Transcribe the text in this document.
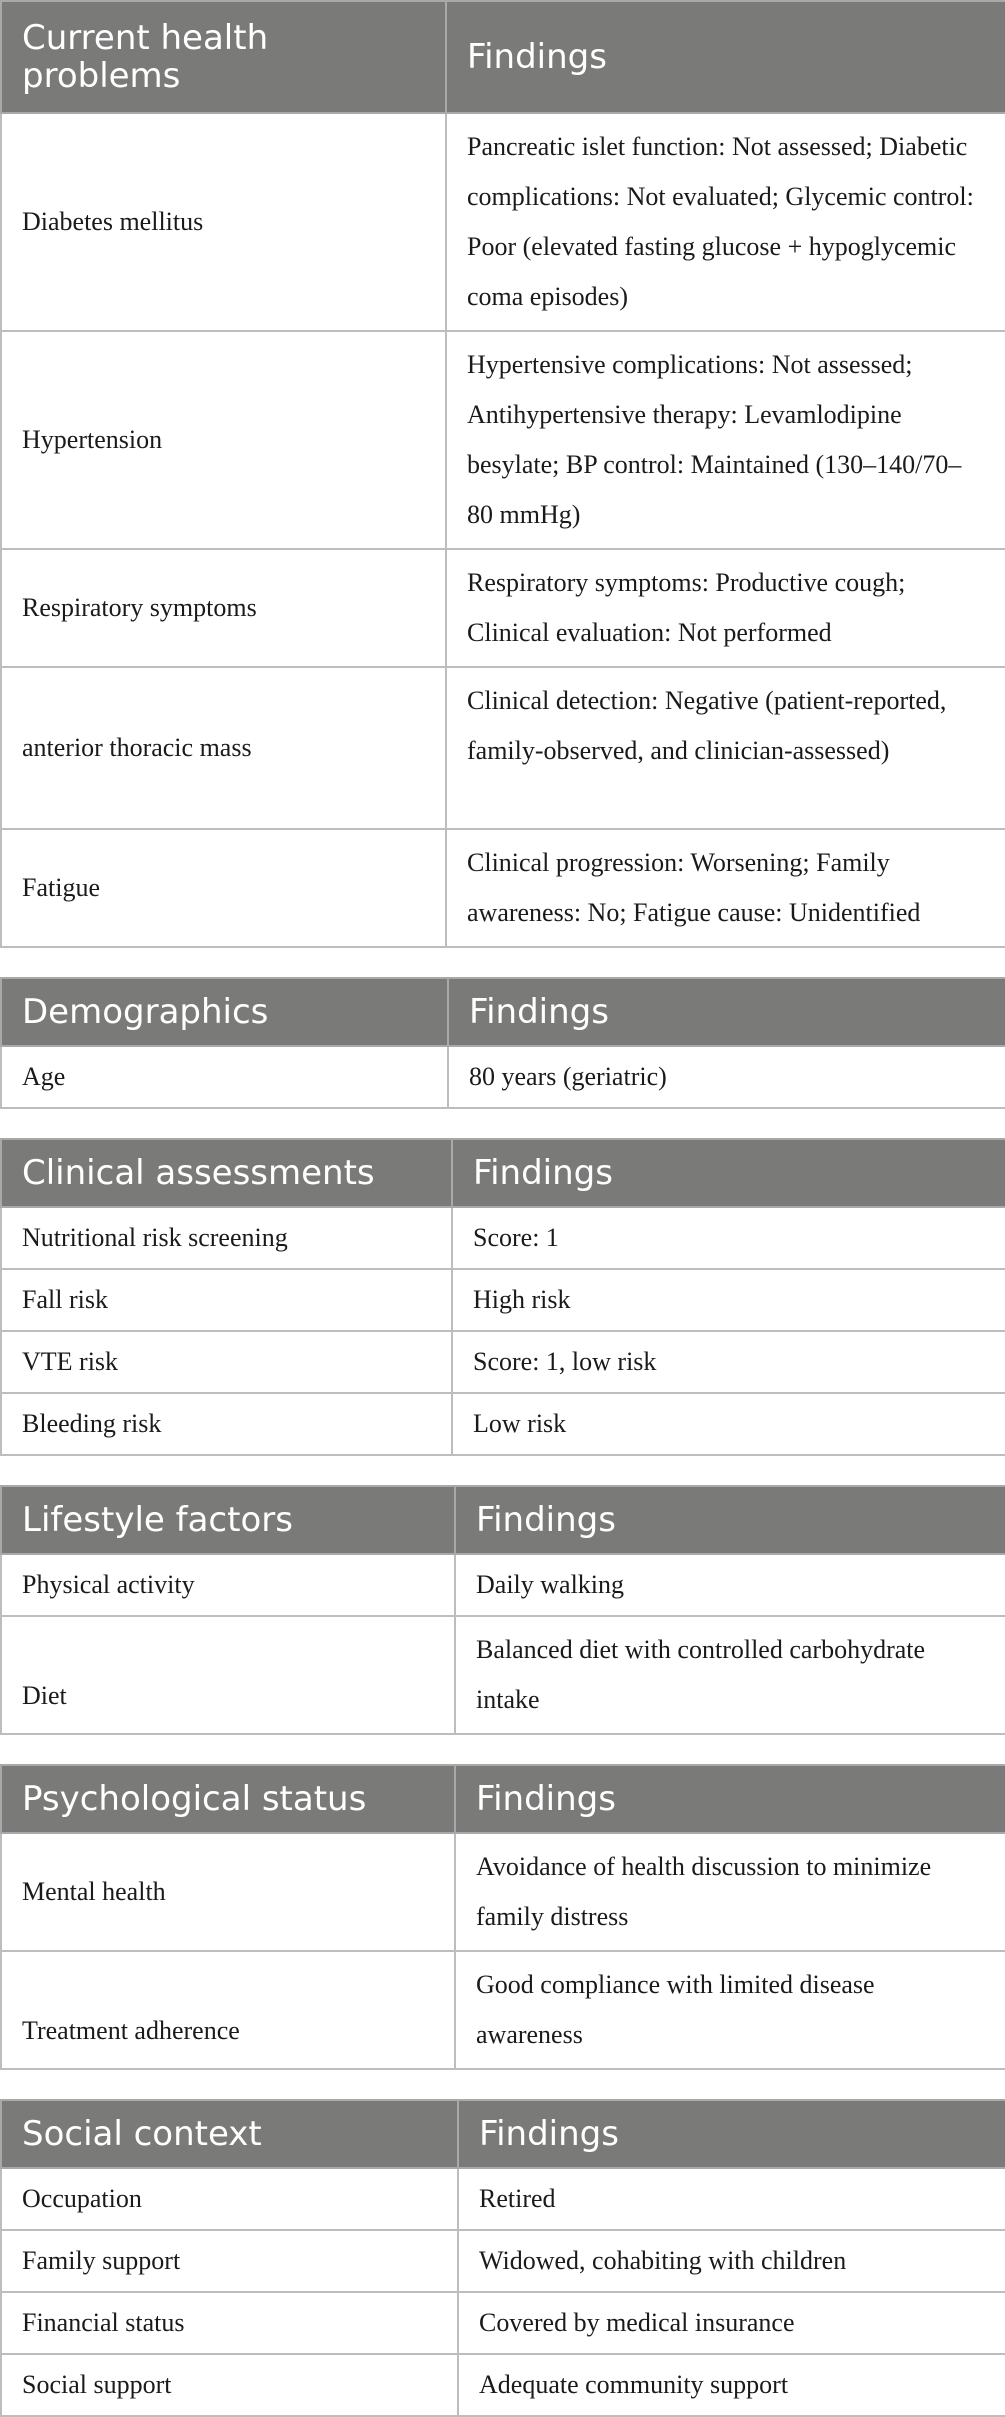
Current health problems	Findings
Diabetes mellitus	Pancreatic islet function: Not assessed; Diabetic complications: Not evaluated; Glycemic control: Poor (elevated fasting glucose + hypoglycemic coma episodes)
Hypertension	Hypertensive complications: Not assessed; Antihypertensive therapy: Levamlodipine besylate; BP control: Maintained (130–140/70–80 mmHg)
Respiratory symptoms	Respiratory symptoms: Productive cough; Clinical evaluation: Not performed
anterior thoracic mass	Clinical detection: Negative (patient-reported, family-observed, and clinician-assessed)
Fatigue	Clinical progression: Worsening; Family awareness: No; Fatigue cause: Unidentified
Demographics	Findings
Age	80 years (geriatric)
Clinical assessments	Findings
Nutritional risk screening	Score: 1
Fall risk	High risk
VTE risk	Score: 1, low risk
Bleeding risk	Low risk
Lifestyle factors	Findings
Physical activity	Daily walking
Diet	Balanced diet with controlled carbohydrate intake
Psychological status	Findings
Mental health	Avoidance of health discussion to minimize family distress
Treatment adherence	Good compliance with limited disease awareness
Social context	Findings
Occupation	Retired
Family support	Widowed, cohabiting with children
Financial status	Covered by medical insurance
Social support	Adequate community support
